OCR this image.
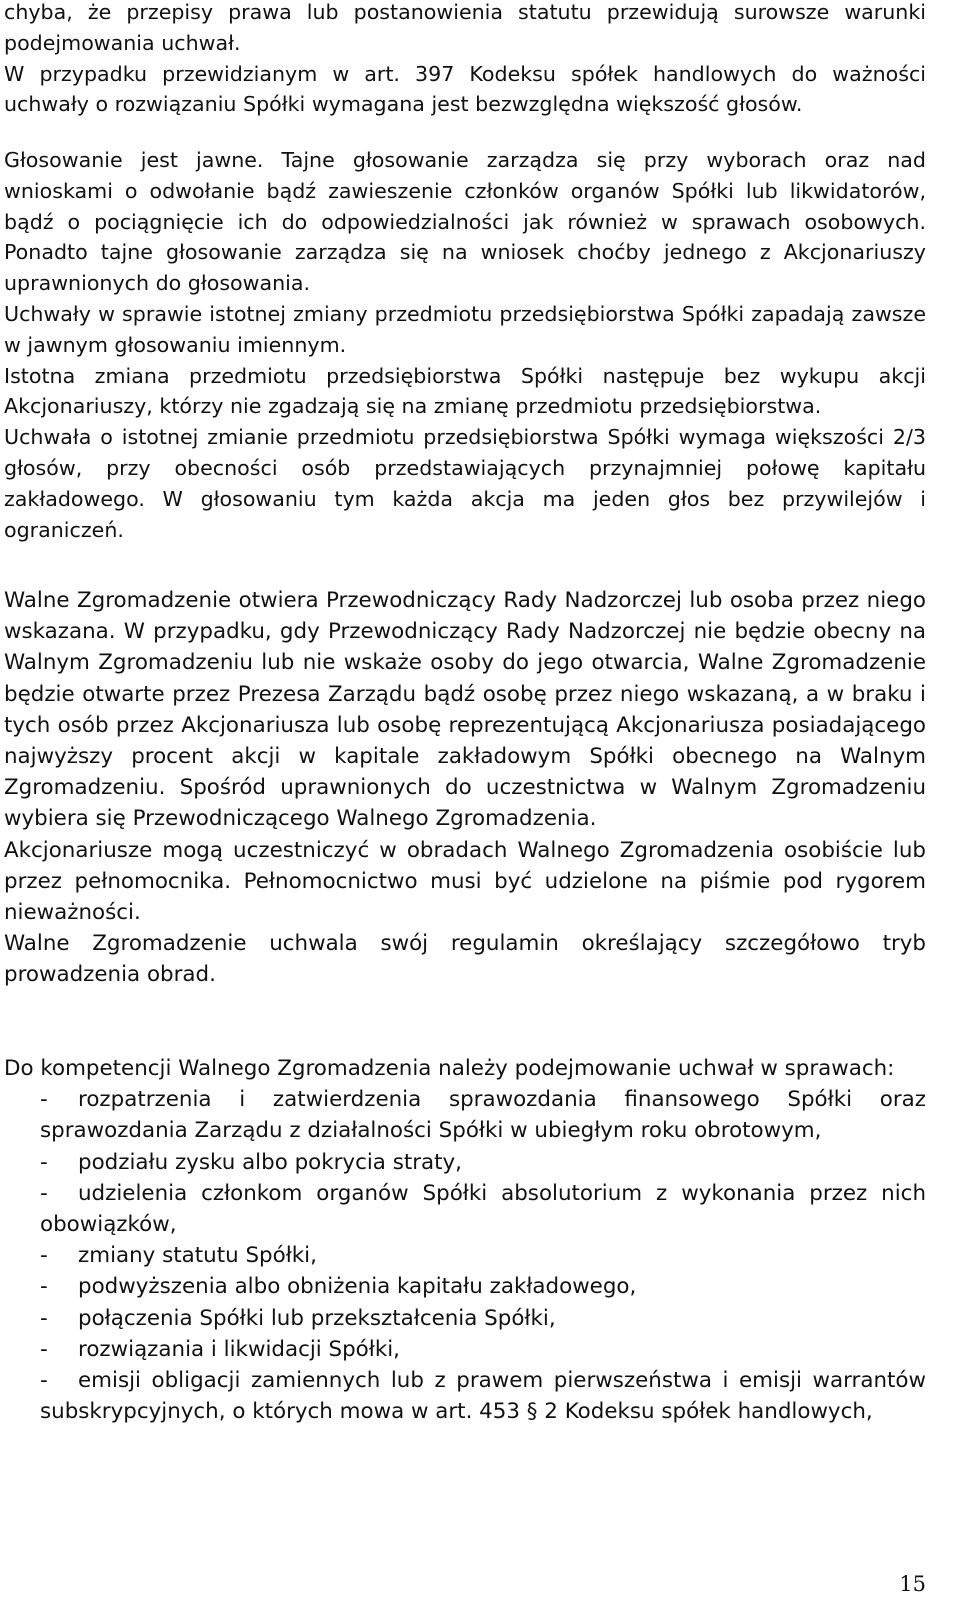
chyba, że przepisy prawa lub postanowienia statutu przewidują surowsze warunki podejmowania uchwał.

W przypadku przewidzianym w art. 397 Kodeksu spółek handlowych do ważności uchwały o rozwiązaniu Spółki wymagana jest bezwzględna większość głosów.

Głosowanie jest jawne. Tajne głosowanie zarządza się przy wyborach oraz nad wnioskami o odwołanie bądź zawieszenie członków organów Spółki lub likwidatorów, bądź o pociągnięcie ich do odpowiedzialności jak również w sprawach osobowych. Ponadto tajne głosowanie zarządza się na wniosek choćby jednego z Akcjonariuszy uprawnionych do głosowania.

Uchwały w sprawie istotnej zmiany przedmiotu przedsiębiorstwa Spółki zapadają zawsze w jawnym głosowaniu imiennym.

Istotna zmiana przedmiotu przedsiębiorstwa Spółki następuje bez wykupu akcji Akcjonariuszy, którzy nie zgadzają się na zmianę przedmiotu przedsiębiorstwa.

Uchwała o istotnej zmianie przedmiotu przedsiębiorstwa Spółki wymaga większości 2/3 głosów, przy obecności osób przedstawiających przynajmniej połowę kapitału zakładowego. W głosowaniu tym każda akcja ma jeden głos bez przywilejów i ograniczeń.

Walne Zgromadzenie otwiera Przewodniczący Rady Nadzorczej lub osoba przez niego wskazana. W przypadku, gdy Przewodniczący Rady Nadzorczej nie będzie obecny na Walnym Zgromadzeniu lub nie wskaże osoby do jego otwarcia, Walne Zgromadzenie będzie otwarte przez Prezesa Zarządu bądź osobę przez niego wskazaną, a w braku i tych osób przez Akcjonariusza lub osobę reprezentującą Akcjonariusza posiadającego najwyższy procent akcji w kapitale zakładowym Spółki obecnego na Walnym Zgromadzeniu. Spośród uprawnionych do uczestnictwa w Walnym Zgromadzeniu wybiera się Przewodniczącego Walnego Zgromadzenia.

Akcjonariusze mogą uczestniczyć w obradach Walnego Zgromadzenia osobiście lub przez pełnomocnika. Pełnomocnictwo musi być udzielone na piśmie pod rygorem nieważności.

Walne Zgromadzenie uchwala swój regulamin określający szczegółowo tryb prowadzenia obrad.

Do kompetencji Walnego Zgromadzenia należy podejmowanie uchwał w sprawach:

- rozpatrzenia i zatwierdzenia sprawozdania finansowego Spółki oraz sprawozdania Zarządu z działalności Spółki w ubiegłym roku obrotowym,
- podziału zysku albo pokrycia straty,
- udzielenia członkom organów Spółki absolutorium z wykonania przez nich obowiązków,
- zmiany statutu Spółki,
- podwyższenia albo obniżenia kapitału zakładowego,
- połączenia Spółki lub przekształcenia Spółki,
- rozwiązania i likwidacji Spółki,
- emisji obligacji zamiennych lub z prawem pierwszeństwa i emisji warrantów subskrypcyjnych, o których mowa w art. 453 § 2 Kodeksu spółek handlowych,
15
